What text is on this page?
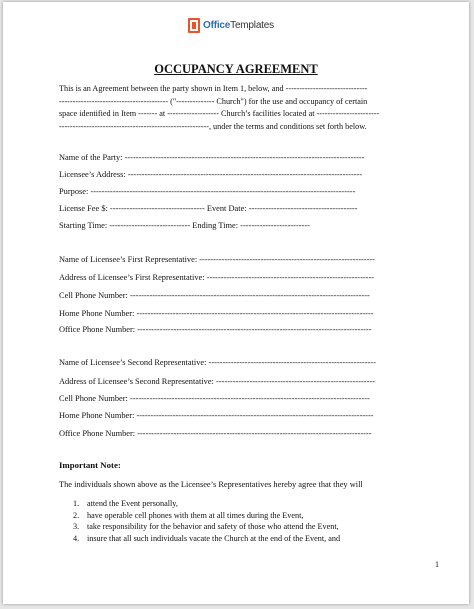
OfficeTemplates
OCCUPANCY AGREEMENT
This is an Agreement between the party shown in Item 1, below, and ------------------------------
---------------------------------------- ("-------------- Church") for the use and occupancy of certain
space identified in Item ------- at ------------------- Church’s facilities located at -----------------------
-------------------------------------------------------, under the terms and conditions set forth below.
Name of the Party: --------------------------------------------------------------------------------------
Licensee’s Address: ------------------------------------------------------------------------------------
Purpose: -----------------------------------------------------------------------------------------------
License Fee $: ---------------------------------- Event Date: ---------------------------------------
Starting Time: ----------------------------- Ending Time: -------------------------
Name of Licensee’s First Representative: ---------------------------------------------------------------
Address of Licensee’s First Representative: ------------------------------------------------------------
Cell Phone Number: --------------------------------------------------------------------------------------
Home Phone Number: -------------------------------------------------------------------------------------
Office Phone Number: ------------------------------------------------------------------------------------
Name of Licensee’s Second Representative: ------------------------------------------------------------
Address of Licensee’s Second Representative: ---------------------------------------------------------
Cell Phone Number: --------------------------------------------------------------------------------------
Home Phone Number: -------------------------------------------------------------------------------------
Office Phone Number: ------------------------------------------------------------------------------------
Important Note:
The individuals shown above as the Licensee’s Representatives hereby agree that they will
1. attend the Event personally,
2. have operable cell phones with them at all times during the Event,
3. take responsibility for the behavior and safety of those who attend the Event,
4. insure that all such individuals vacate the Church at the end of the Event, and
1
